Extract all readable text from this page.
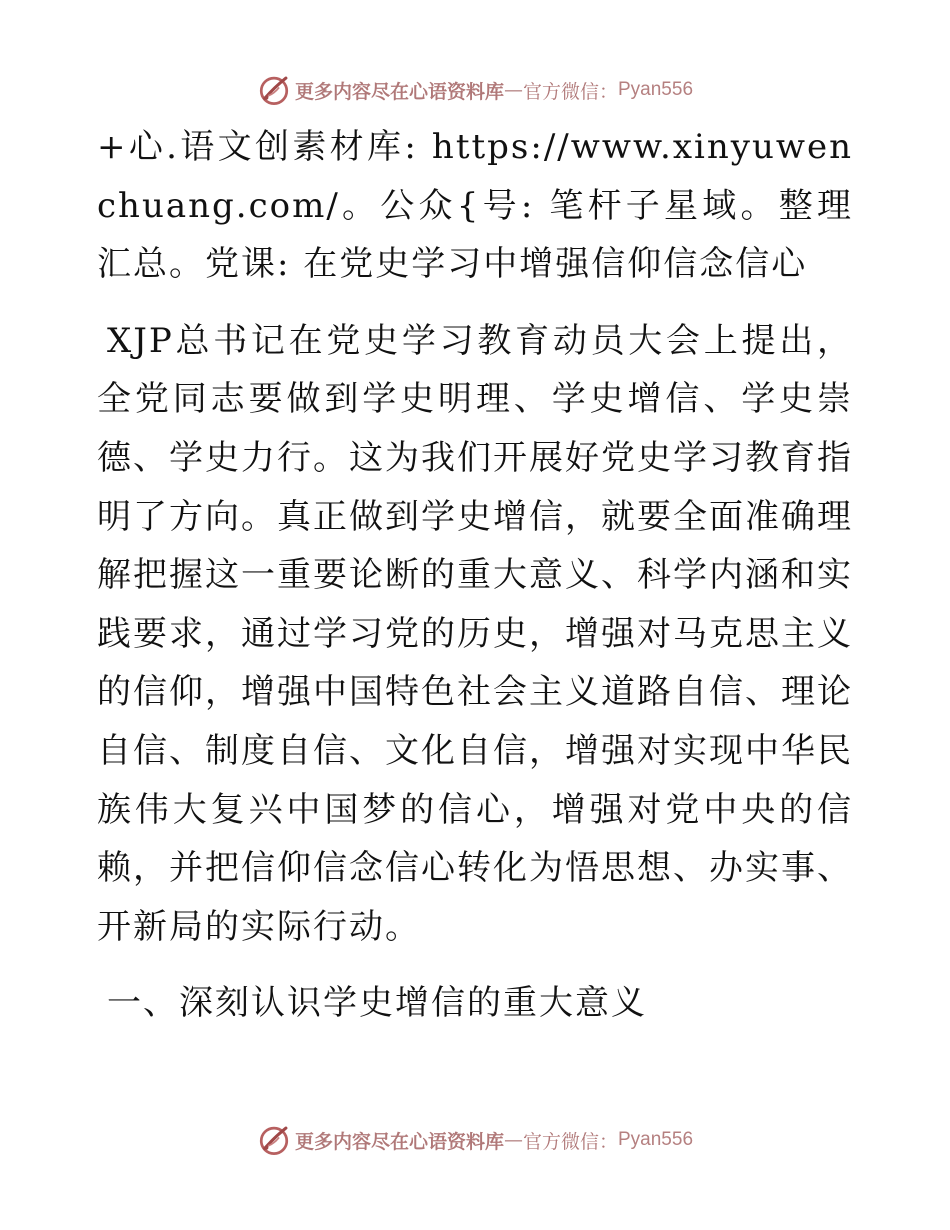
更多内容尽在心语资料库 — 官方微信： Pyan556

+心.语文创素材库: https://www.xinyuwenchuang.com/。公众{号: 笔杆子星域。整理汇总。党课: 在党史学习中增强信仰信念信心

XJP总书记在党史学习教育动员大会上提出，全党同志要做到学史明理、学史增信、学史崇德、学史力行。这为我们开展好党史学习教育指明了方向。真正做到学史增信，就要全面准确理解把握这一重要论断的重大意义、科学内涵和实践要求，通过学习党的历史，增强对马克思主义的信仰，增强中国特色社会主义道路自信、理论自信、制度自信、文化自信，增强对实现中华民族伟大复兴中国梦的信心，增强对党中央的信赖，并把信仰信念信心转化为悟思想、办实事、开新局的实际行动。

一、深刻认识学史增信的重大意义

更多内容尽在心语资料库 — 官方微信： Pyan556
